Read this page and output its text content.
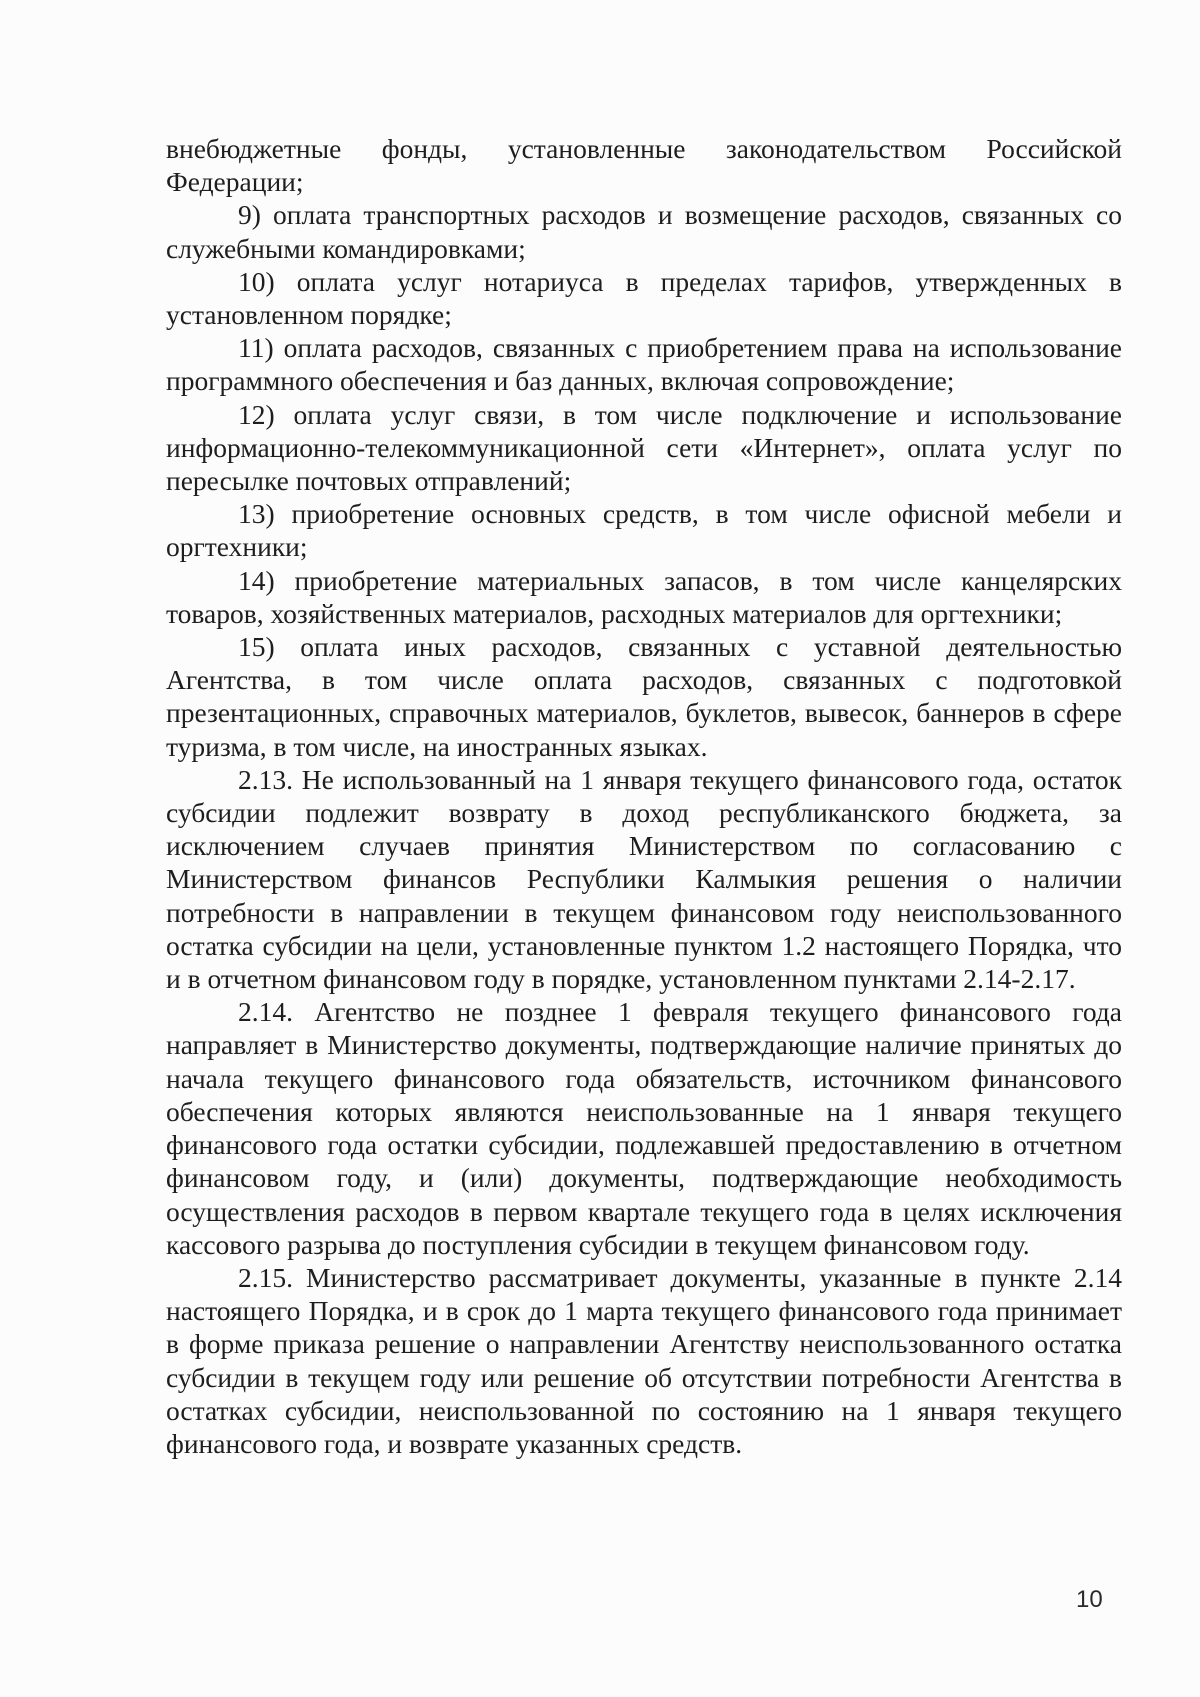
внебюджетные фонды, установленные законодательством Российской Федерации;

9) оплата транспортных расходов и возмещение расходов, связанных со служебными командировками;

10) оплата услуг нотариуса в пределах тарифов, утвержденных в установленном порядке;

11) оплата расходов, связанных с приобретением права на использование программного обеспечения и баз данных, включая сопровождение;

12) оплата услуг связи, в том числе подключение и использование информационно-телекоммуникационной сети «Интернет», оплата услуг по пересылке почтовых отправлений;

13) приобретение основных средств, в том числе офисной мебели и оргтехники;

14) приобретение материальных запасов, в том числе канцелярских товаров, хозяйственных материалов, расходных материалов для оргтехники;

15) оплата иных расходов, связанных с уставной деятельностью Агентства, в том числе оплата расходов, связанных с подготовкой презентационных, справочных материалов, буклетов, вывесок, баннеров в сфере туризма, в том числе, на иностранных языках.

2.13. Не использованный на 1 января текущего финансового года, остаток субсидии подлежит возврату в доход республиканского бюджета, за исключением случаев принятия Министерством по согласованию с Министерством финансов Республики Калмыкия решения о наличии потребности в направлении в текущем финансовом году неиспользованного остатка субсидии на цели, установленные пунктом 1.2 настоящего Порядка, что и в отчетном финансовом году в порядке, установленном пунктами 2.14-2.17.

2.14. Агентство не позднее 1 февраля текущего финансового года направляет в Министерство документы, подтверждающие наличие принятых до начала текущего финансового года обязательств, источником финансового обеспечения которых являются неиспользованные на 1 января текущего финансового года остатки субсидии, подлежавшей предоставлению в отчетном финансовом году, и (или) документы, подтверждающие необходимость осуществления расходов в первом квартале текущего года в целях исключения кассового разрыва до поступления субсидии в текущем финансовом году.

2.15. Министерство рассматривает документы, указанные в пункте 2.14 настоящего Порядка, и в срок до 1 марта текущего финансового года принимает в форме приказа решение о направлении Агентству неиспользованного остатка субсидии в текущем году или решение об отсутствии потребности Агентства в остатках субсидии, неиспользованной по состоянию на 1 января текущего финансового года, и возврате указанных средств.

10
